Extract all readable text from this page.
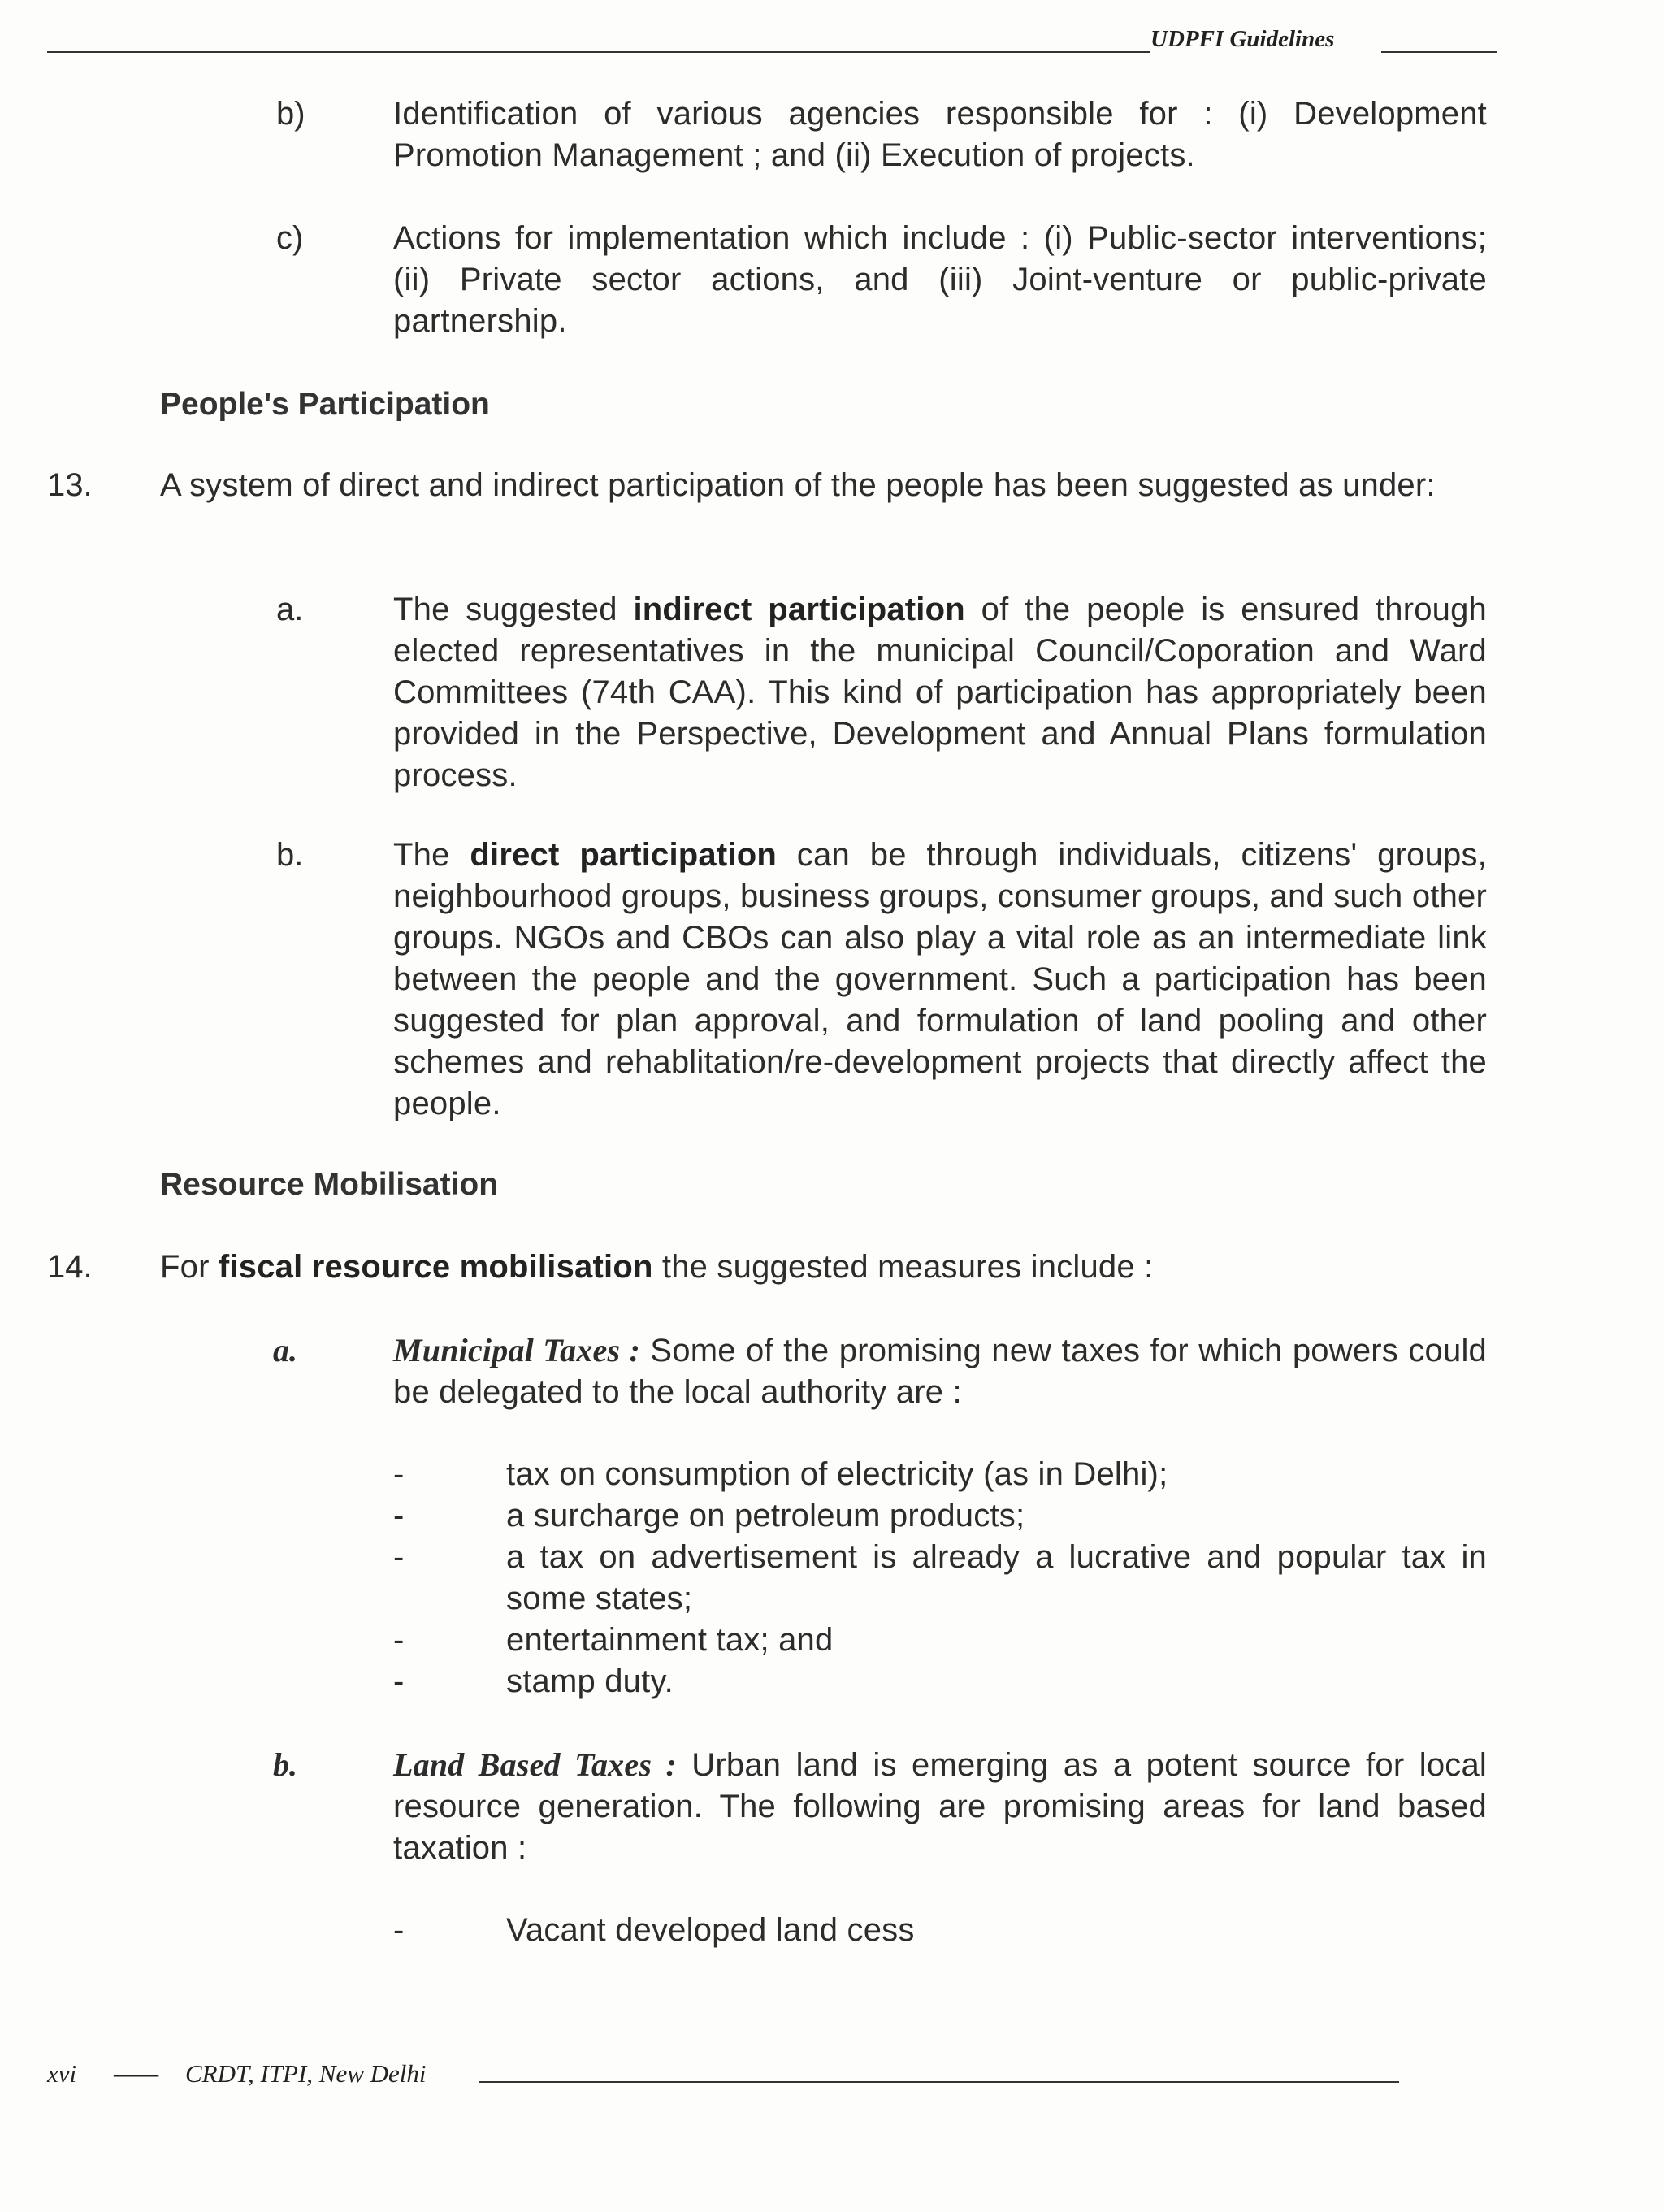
UDPFI Guidelines
b)	Identification of various agencies responsible for : (i) Development Promotion Management ; and (ii) Execution of projects.
c)	Actions for implementation which include : (i) Public-sector interventions; (ii) Private sector actions, and (iii) Joint-venture or public-private partnership.
People's Participation
13. A system of direct and indirect participation of the people has been suggested as under:
a.	The suggested indirect participation of the people is ensured through elected representatives in the municipal Council/Coporation and Ward Committees (74th CAA). This kind of participation has appropriately been provided in the Perspective, Development and Annual Plans formulation process.
b.	The direct participation can be through individuals, citizens' groups, neighbourhood groups, business groups, consumer groups, and such other groups. NGOs and CBOs can also play a vital role as an intermediate link between the people and the government. Such a participation has been suggested for plan approval, and formulation of land pooling and other schemes and rehablitation/re-development projects that directly affect the people.
Resource Mobilisation
14. For fiscal resource mobilisation the suggested measures include :
a.	Municipal Taxes : Some of the promising new taxes for which powers could be delegated to the local authority are :
-	tax on consumption of electricity (as in Delhi);
-	a surcharge on petroleum products;
-	a tax on advertisement is already a lucrative and popular tax in some states;
-	entertainment tax; and
-	stamp duty.
b.	Land Based Taxes : Urban land is emerging as a potent source for local resource generation. The following are promising areas for land based taxation :
-	Vacant developed land cess
xvi —— CRDT, ITPI, New Delhi
